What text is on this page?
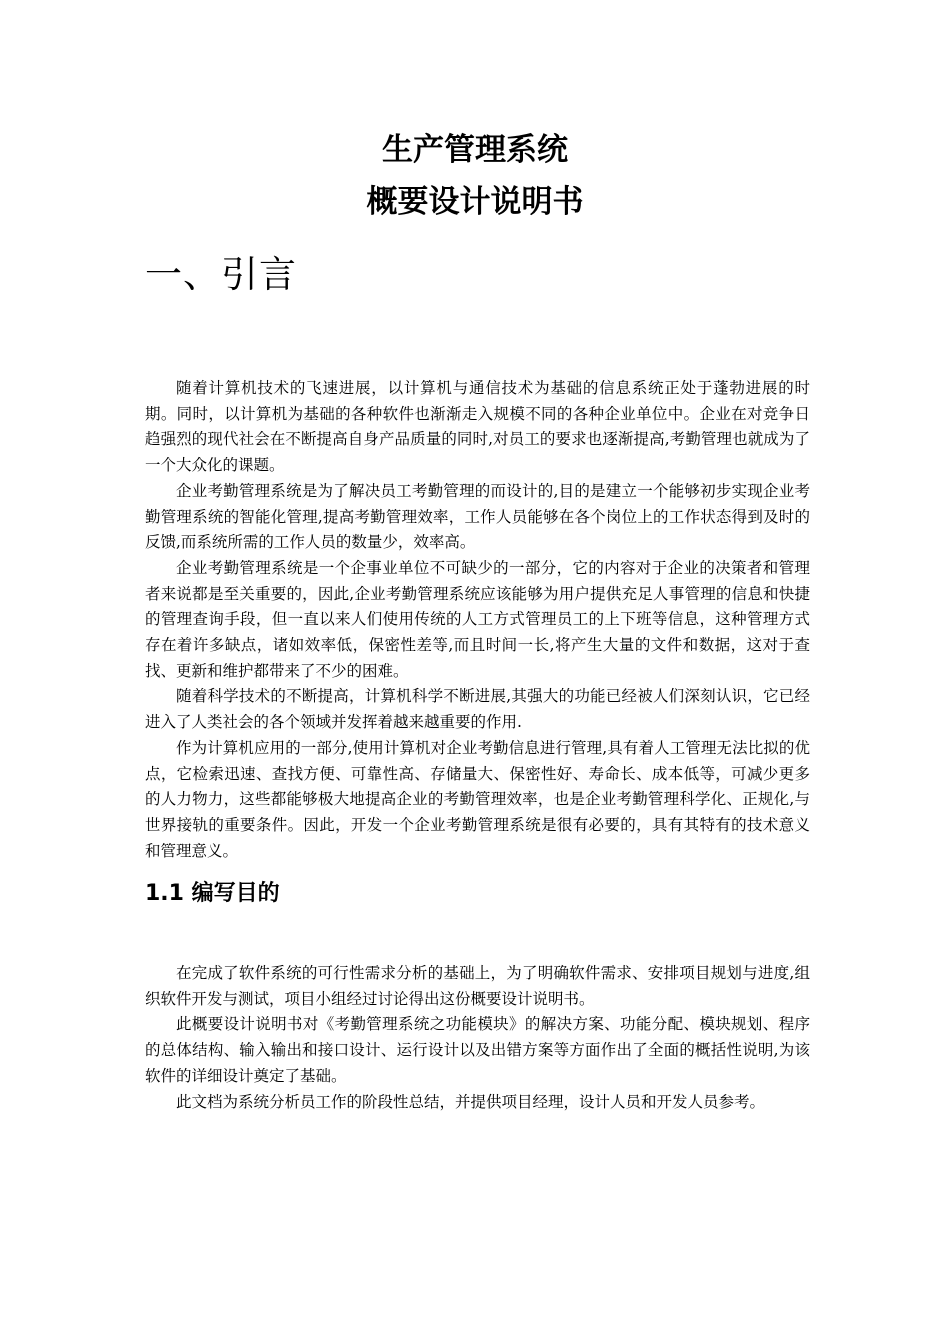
生产管理系统
概要设计说明书
一、引言

随着计算机技术的飞速进展，以计算机与通信技术为基础的信息系统正处于蓬勃进展的时期。同时，以计算机为基础的各种软件也渐渐走入规模不同的各种企业单位中。企业在对竞争日趋强烈的现代社会在不断提高自身产品质量的同时,对员工的要求也逐渐提高,考勤管理也就成为了一个大众化的课题。

企业考勤管理系统是为了解决员工考勤管理的而设计的,目的是建立一个能够初步实现企业考勤管理系统的智能化管理,提高考勤管理效率，工作人员能够在各个岗位上的工作状态得到及时的反馈,而系统所需的工作人员的数量少，效率高。

企业考勤管理系统是一个企事业单位不可缺少的一部分，它的内容对于企业的决策者和管理者来说都是至关重要的，因此,企业考勤管理系统应该能够为用户提供充足人事管理的信息和快捷的管理查询手段，但一直以来人们使用传统的人工方式管理员工的上下班等信息，这种管理方式存在着许多缺点，诸如效率低，保密性差等,而且时间一长,将产生大量的文件和数据，这对于查找、更新和维护都带来了不少的困难。

随着科学技术的不断提高，计算机科学不断进展,其强大的功能已经被人们深刻认识，它已经进入了人类社会的各个领域并发挥着越来越重要的作用.

作为计算机应用的一部分,使用计算机对企业考勤信息进行管理,具有着人工管理无法比拟的优点，它检索迅速、查找方便、可靠性高、存储量大、保密性好、寿命长、成本低等，可减少更多的人力物力，这些都能够极大地提高企业的考勤管理效率，也是企业考勤管理科学化、正规化,与世界接轨的重要条件。因此，开发一个企业考勤管理系统是很有必要的，具有其特有的技术意义和管理意义。

1.1 编写目的

在完成了软件系统的可行性需求分析的基础上，为了明确软件需求、安排项目规划与进度,组织软件开发与测试，项目小组经过讨论得出这份概要设计说明书。

此概要设计说明书对《考勤管理系统之功能模块》的解决方案、功能分配、模块规划、程序的总体结构、输入输出和接口设计、运行设计以及出错方案等方面作出了全面的概括性说明,为该软件的详细设计奠定了基础。

此文档为系统分析员工作的阶段性总结，并提供项目经理，设计人员和开发人员参考。
